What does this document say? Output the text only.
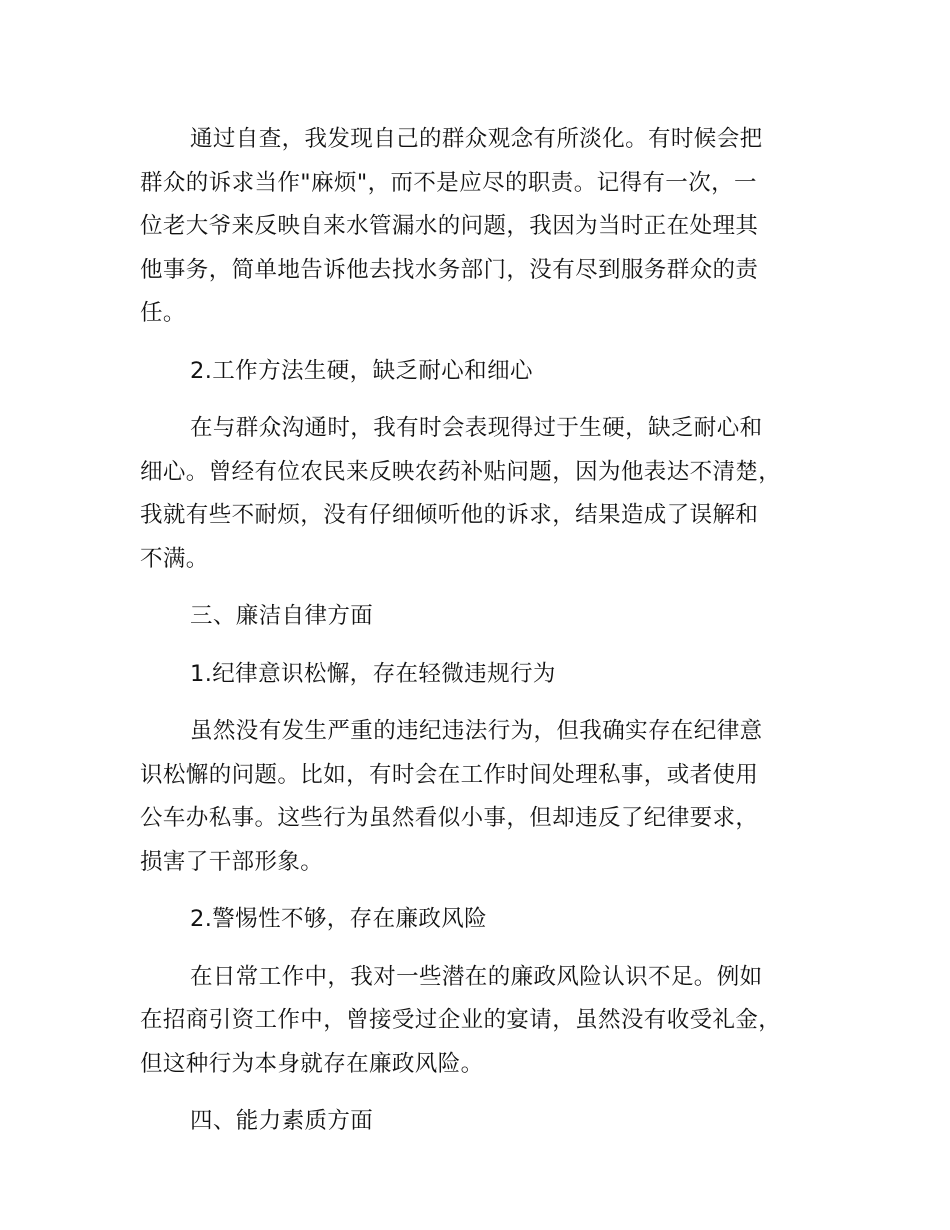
通过自查，我发现自己的群众观念有所淡化。有时候会把
群众的诉求当作"麻烦"，而不是应尽的职责。记得有一次，一
位老大爷来反映自来水管漏水的问题，我因为当时正在处理其
他事务，简单地告诉他去找水务部门，没有尽到服务群众的责
任。
2.工作方法生硬，缺乏耐心和细心
在与群众沟通时，我有时会表现得过于生硬，缺乏耐心和
细心。曾经有位农民来反映农药补贴问题，因为他表达不清楚，
我就有些不耐烦，没有仔细倾听他的诉求，结果造成了误解和
不满。
三、廉洁自律方面
1.纪律意识松懈，存在轻微违规行为
虽然没有发生严重的违纪违法行为，但我确实存在纪律意
识松懈的问题。比如，有时会在工作时间处理私事，或者使用
公车办私事。这些行为虽然看似小事，但却违反了纪律要求，
损害了干部形象。
2.警惕性不够，存在廉政风险
在日常工作中，我对一些潜在的廉政风险认识不足。例如
在招商引资工作中，曾接受过企业的宴请，虽然没有收受礼金，
但这种行为本身就存在廉政风险。
四、能力素质方面
